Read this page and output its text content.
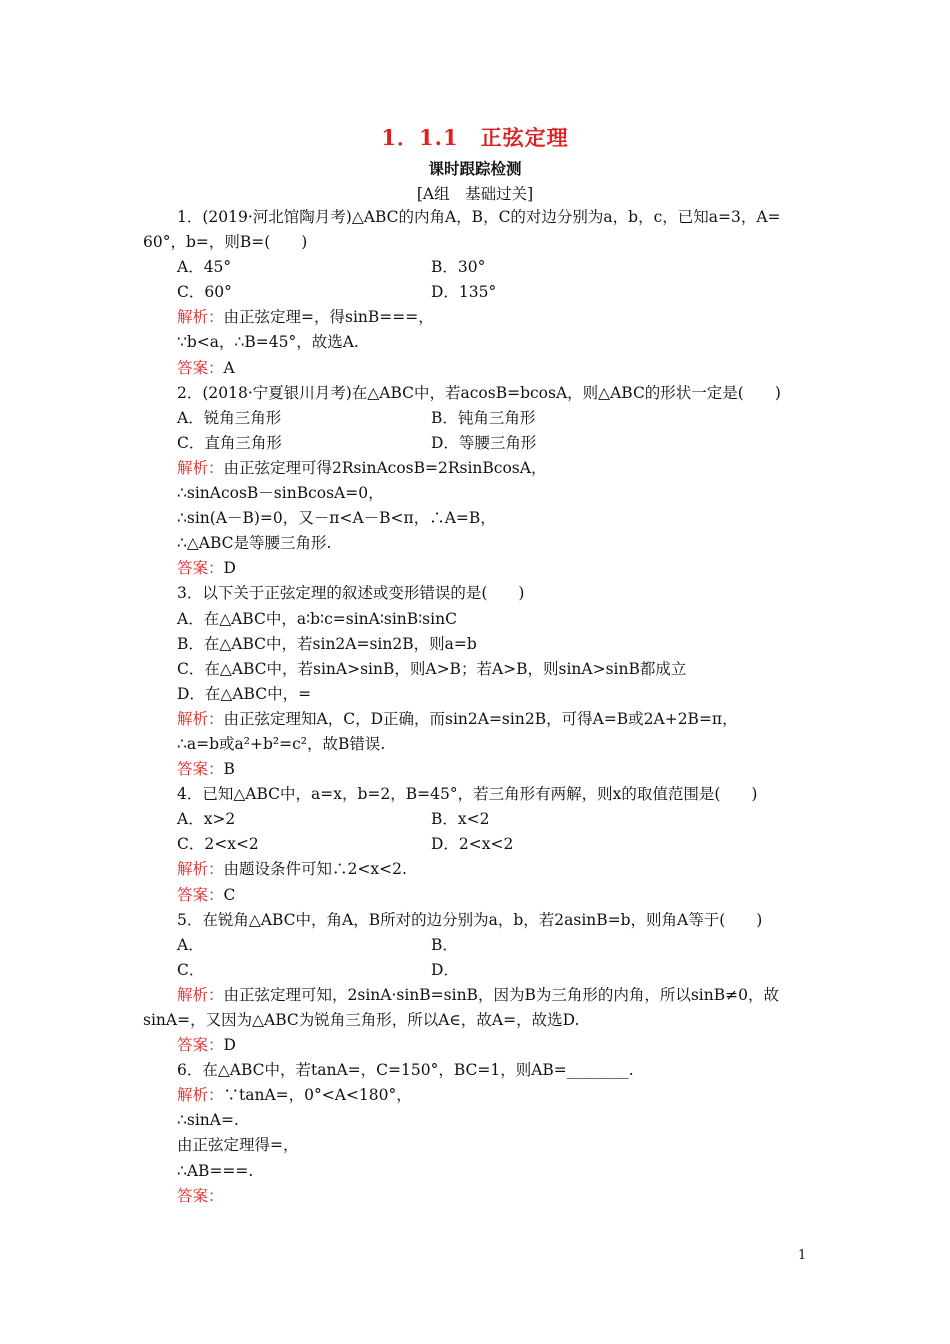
1．1.1　正弦定理
课时跟踪检测
[A组　基础过关]
1．(2019·河北馆陶月考)△ABC的内角A，B，C的对边分别为a，b，c，已知a=3，A=
60°，b=，则B=(　　)
A．45°	B．30°
C．60°	D．135°
解析：由正弦定理=，得sinB===，
∵b<a，∴B=45°，故选A.
答案：A
2．(2018·宁夏银川月考)在△ABC中，若acosB=bcosA，则△ABC的形状一定是(　　)
A．锐角三角形	B．钝角三角形
C．直角三角形	D．等腰三角形
解析：由正弦定理可得2RsinAcosB=2RsinBcosA，
∴sinAcosB－sinBcosA=0，
∴sin(A－B)=0，又－π<A－B<π，∴A=B，
∴△ABC是等腰三角形.
答案：D
3．以下关于正弦定理的叙述或变形错误的是(　　)
A．在△ABC中，a∶b∶c=sinA∶sinB∶sinC
B．在△ABC中，若sin2A=sin2B，则a=b
C．在△ABC中，若sinA>sinB，则A>B；若A>B，则sinA>sinB都成立
D．在△ABC中，=
解析：由正弦定理知A，C，D正确，而sin2A=sin2B，可得A=B或2A+2B=π，
∴a=b或a²+b²=c²，故B错误.
答案：B
4．已知△ABC中，a=x，b=2，B=45°，若三角形有两解，则x的取值范围是(　　)
A．x>2	B．x<2
C．2<x<2	D．2<x<2
解析：由题设条件可知∴2<x<2.
答案：C
5．在锐角△ABC中，角A，B所对的边分别为a，b，若2asinB=b，则角A等于(　　)
A．	B．
C．	D．
解析：由正弦定理可知，2sinA·sinB=sinB，因为B为三角形的内角，所以sinB≠0，故
sinA=，又因为△ABC为锐角三角形，所以A∈，故A=，故选D.
答案：D
6．在△ABC中，若tanA=，C=150°，BC=1，则AB=________.
解析：∵tanA=，0°<A<180°，
∴sinA=.
由正弦定理得=，
∴AB===.
答案：
1
